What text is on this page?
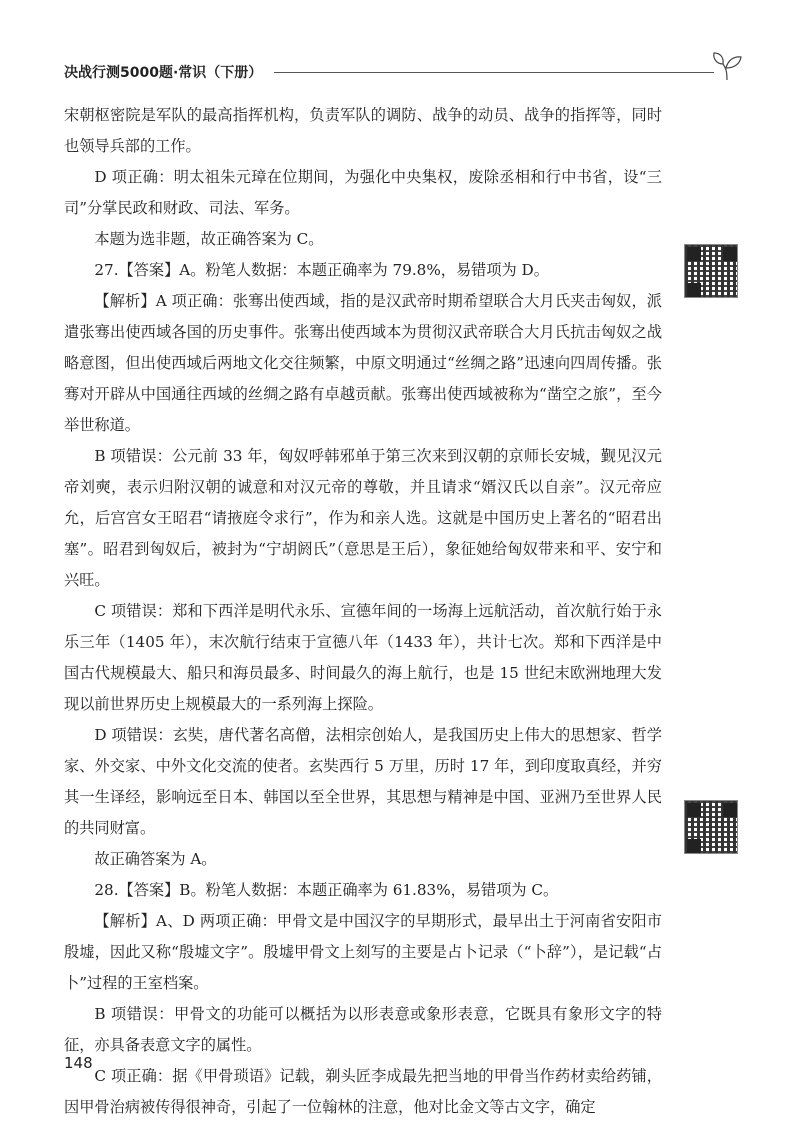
决战行测5000题·常识（下册）

宋朝枢密院是军队的最高指挥机构，负责军队的调防、战争的动员、战争的指挥等，同时也领导兵部的工作。

D 项正确：明太祖朱元璋在位期间，为强化中央集权，废除丞相和行中书省，设“三司”分掌民政和财政、司法、军务。

本题为选非题，故正确答案为 C。

27.【答案】A。粉笔人数据：本题正确率为 79.8%，易错项为 D。

【解析】A 项正确：张骞出使西域，指的是汉武帝时期希望联合大月氏夹击匈奴，派遣张骞出使西域各国的历史事件。张骞出使西域本为贯彻汉武帝联合大月氏抗击匈奴之战略意图，但出使西域后两地文化交往频繁，中原文明通过“丝绸之路”迅速向四周传播。张骞对开辟从中国通往西域的丝绸之路有卓越贡献。张骞出使西域被称为“凿空之旅”，至今举世称道。

B 项错误：公元前 33 年，匈奴呼韩邪单于第三次来到汉朝的京师长安城，觐见汉元帝刘奭，表示归附汉朝的诚意和对汉元帝的尊敬，并且请求“婿汉氏以自亲”。汉元帝应允，后宫宫女王昭君“请掖庭令求行”，作为和亲人选。这就是中国历史上著名的“昭君出塞”。昭君到匈奴后，被封为“宁胡阏氏”（意思是王后），象征她给匈奴带来和平、安宁和兴旺。

C 项错误：郑和下西洋是明代永乐、宣德年间的一场海上远航活动，首次航行始于永乐三年（1405 年），末次航行结束于宣德八年（1433 年），共计七次。郑和下西洋是中国古代规模最大、船只和海员最多、时间最久的海上航行，也是 15 世纪末欧洲地理大发现以前世界历史上规模最大的一系列海上探险。

D 项错误：玄奘，唐代著名高僧，法相宗创始人，是我国历史上伟大的思想家、哲学家、外交家、中外文化交流的使者。玄奘西行 5 万里，历时 17 年，到印度取真经，并穷其一生译经，影响远至日本、韩国以至全世界，其思想与精神是中国、亚洲乃至世界人民的共同财富。

故正确答案为 A。

28.【答案】B。粉笔人数据：本题正确率为 61.83%，易错项为 C。

【解析】A、D 两项正确：甲骨文是中国汉字的早期形式，最早出土于河南省安阳市殷墟，因此又称“殷墟文字”。殷墟甲骨文上刻写的主要是占卜记录（“卜辞”），是记载“占卜”过程的王室档案。

B 项错误：甲骨文的功能可以概括为以形表意或象形表意，它既具有象形文字的特征，亦具备表意文字的属性。

C 项正确：据《甲骨琐语》记载，剃头匠李成最先把当地的甲骨当作药材卖给药铺，因甲骨治病被传得很神奇，引起了一位翰林的注意，他对比金文等古文字，确定

148
